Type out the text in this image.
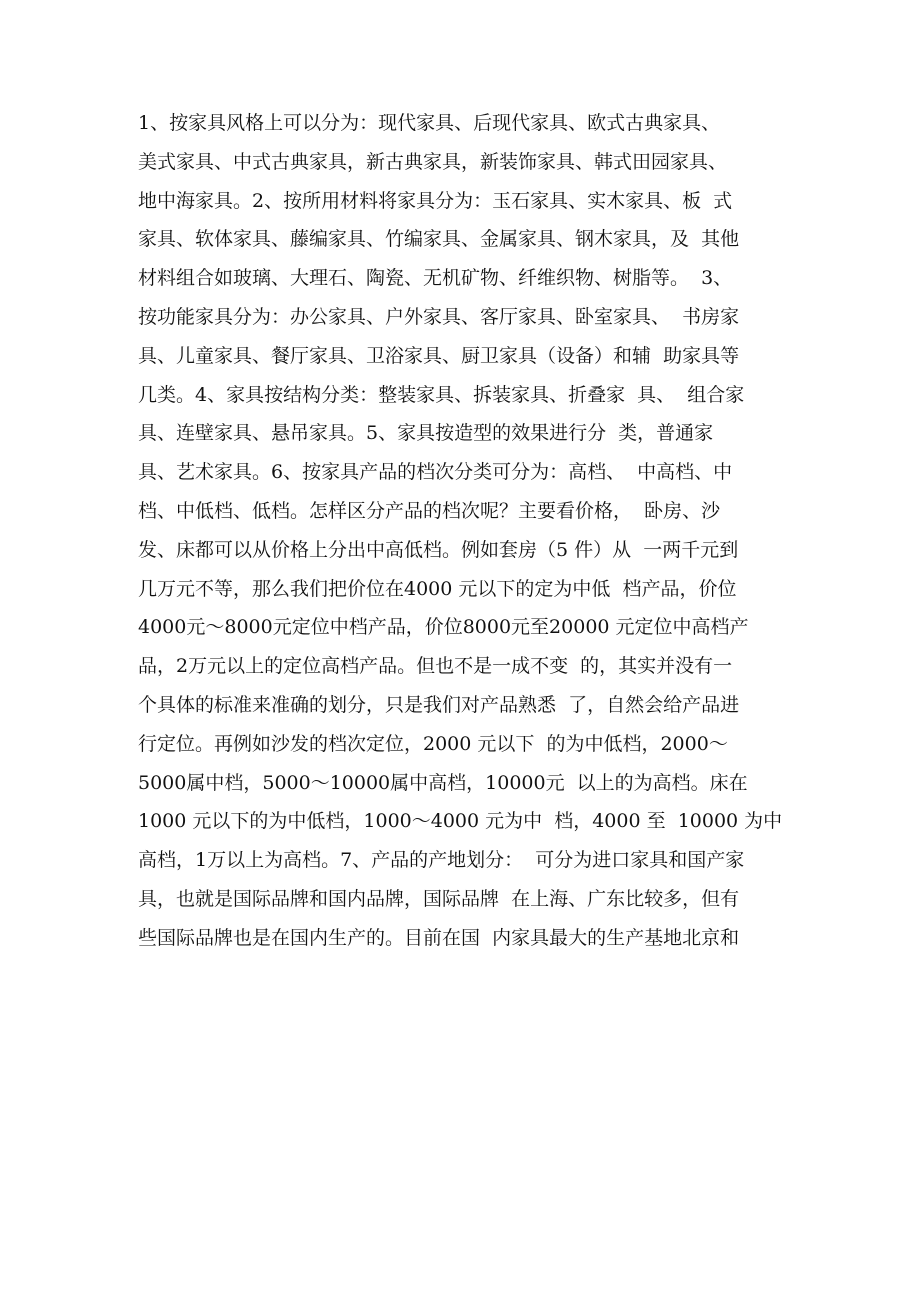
1、按家具风格上可以分为：现代家具、后现代家具、欧式古典家具、
美式家具、中式古典家具，新古典家具，新装饰家具、韩式田园家具、
地中海家具。2、按所用材料将家具分为：玉石家具、实木家具、板  式
家具、软体家具、藤编家具、竹编家具、金属家具、钢木家具，及  其他
材料组合如玻璃、大理石、陶瓷、无机矿物、纤维织物、树脂等。  3、
按功能家具分为：办公家具、户外家具、客厅家具、卧室家具、  书房家
具、儿童家具、餐厅家具、卫浴家具、厨卫家具（设备）和辅  助家具等
几类。4、家具按结构分类：整装家具、拆装家具、折叠家  具、  组合家
具、连壁家具、悬吊家具。5、家具按造型的效果进行分  类，普通家
具、艺术家具。6、按家具产品的档次分类可分为：高档、  中高档、中
档、中低档、低档。怎样区分产品的档次呢？主要看价格，  卧房、沙
发、床都可以从价格上分出中高低档。例如套房（5 件）从  一两千元到
几万元不等，那么我们把价位在4000 元以下的定为中低  档产品，价位
4000元～8000元定位中档产品，价位8000元至20000 元定位中高档产
品，2万元以上的定位高档产品。但也不是一成不变  的，其实并没有一
个具体的标准来准确的划分，只是我们对产品熟悉  了，自然会给产品进
行定位。再例如沙发的档次定位，2000 元以下  的为中低档，2000～
5000属中档，5000～10000属中高档，10000元  以上的为高档。床在
1000 元以下的为中低档，1000～4000 元为中  档，4000 至  10000 为中
高档，1万以上为高档。7、产品的产地划分：  可分为进口家具和国产家
具，也就是国际品牌和国内品牌，国际品牌  在上海、广东比较多，但有
些国际品牌也是在国内生产的。目前在国  内家具最大的生产基地北京和
